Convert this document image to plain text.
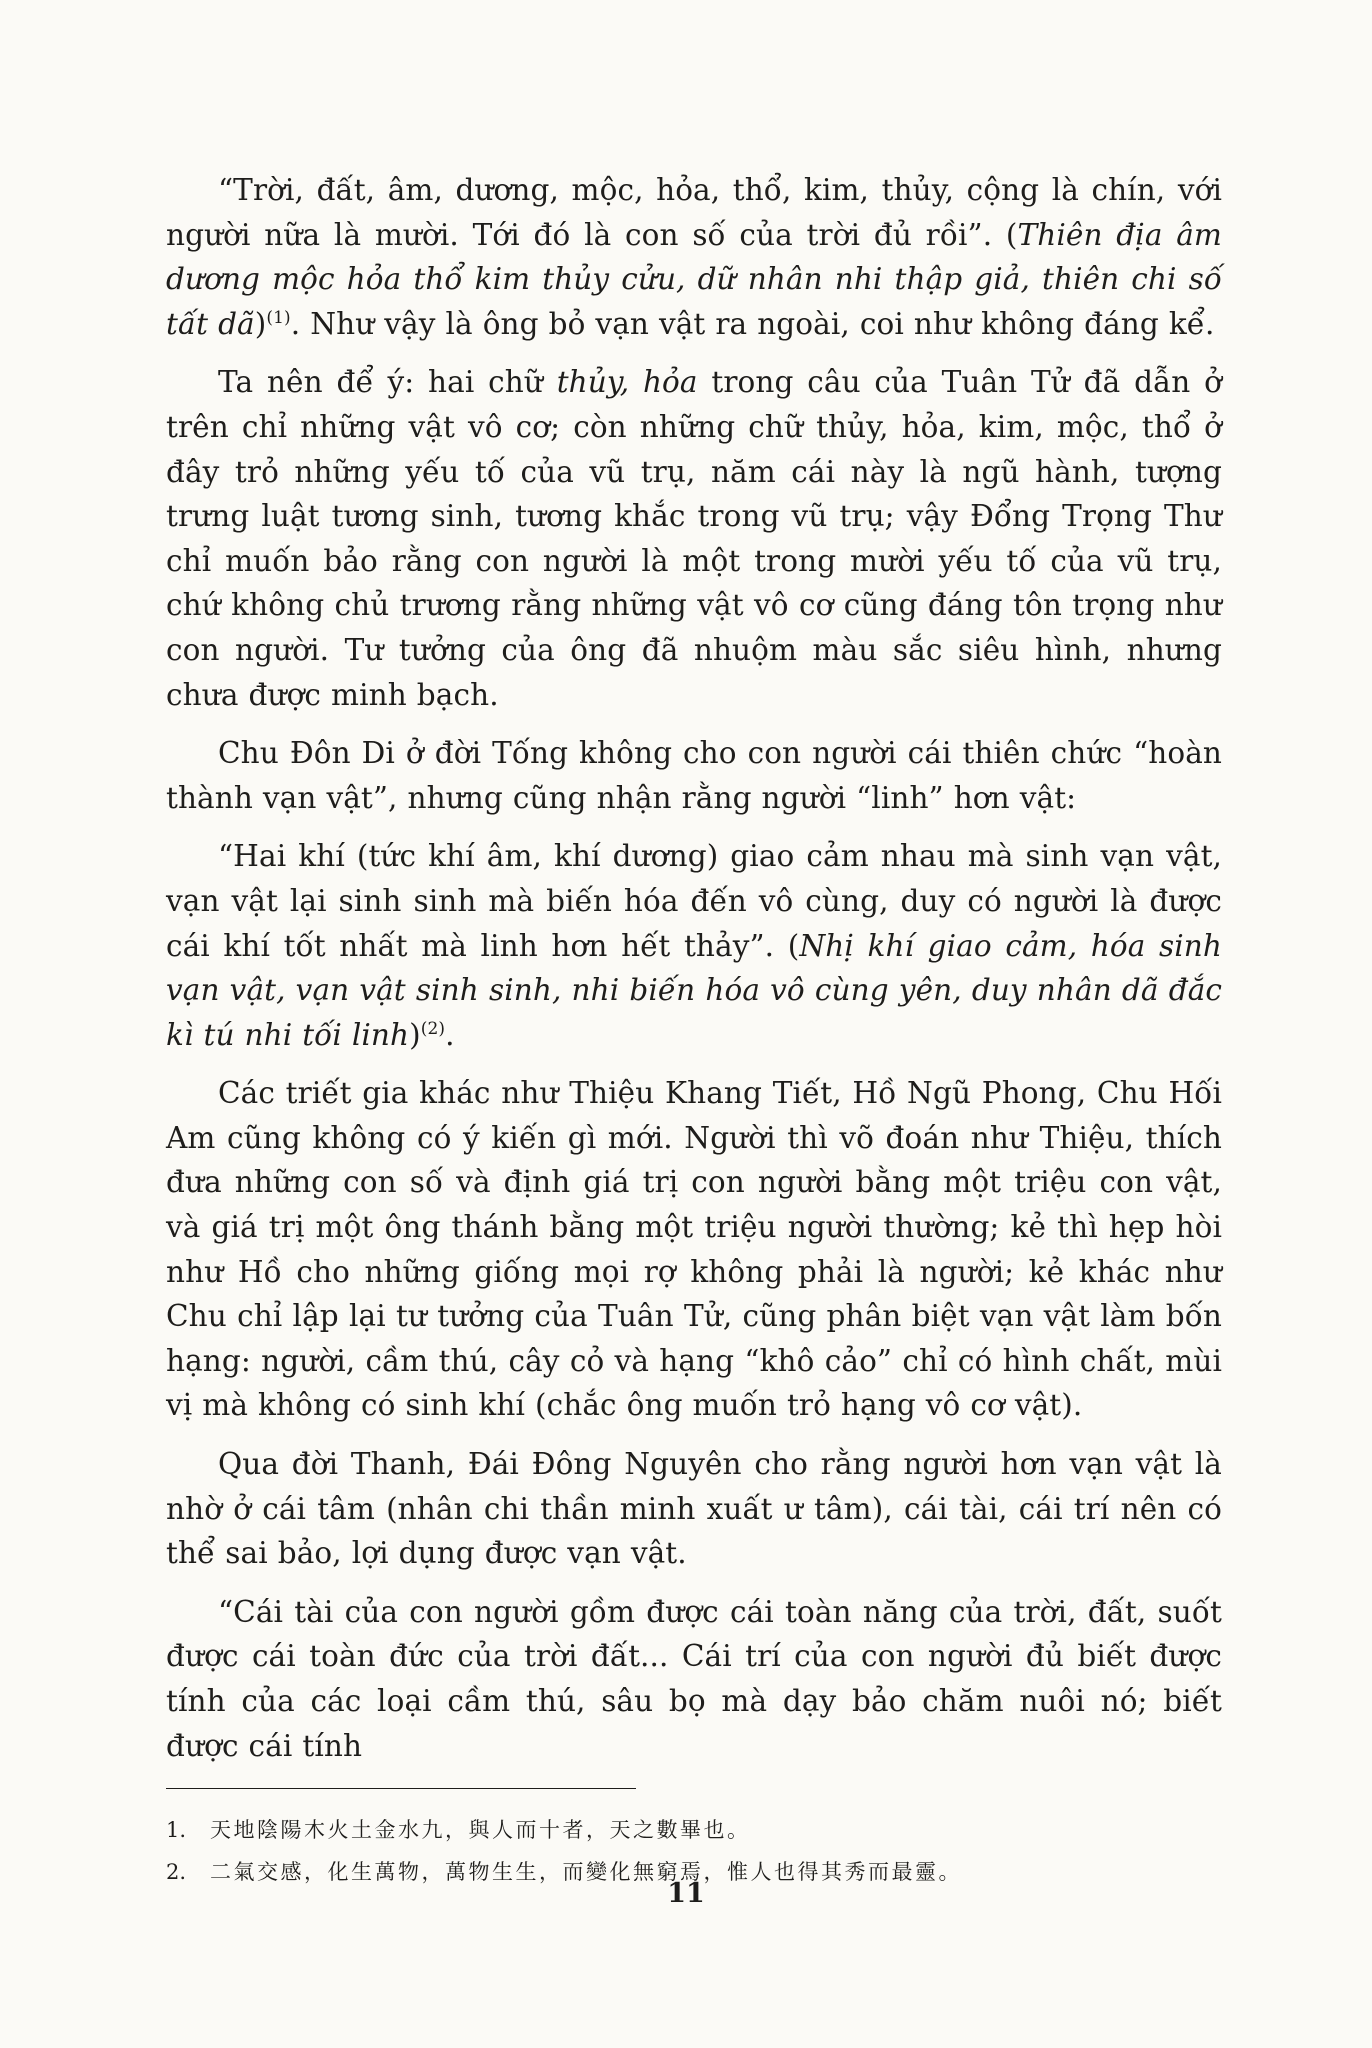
“Trời, đất, âm, dương, mộc, hỏa, thổ, kim, thủy, cộng là chín, với người nữa là mười. Tới đó là con số của trời đủ rồi”. (Thiên địa âm dương mộc hỏa thổ kim thủy cửu, dữ nhân nhi thập giả, thiên chi số tất dã)$^{(1)}$. Như vậy là ông bỏ vạn vật ra ngoài, coi như không đáng kể.

Ta nên để ý: hai chữ thủy, hỏa trong câu của Tuân Tử đã dẫn ở trên chỉ những vật vô cơ; còn những chữ thủy, hỏa, kim, mộc, thổ ở đây trỏ những yếu tố của vũ trụ, năm cái này là ngũ hành, tượng trưng luật tương sinh, tương khắc trong vũ trụ; vậy Đổng Trọng Thư chỉ muốn bảo rằng con người là một trong mười yếu tố của vũ trụ, chứ không chủ trương rằng những vật vô cơ cũng đáng tôn trọng như con người. Tư tưởng của ông đã nhuộm màu sắc siêu hình, nhưng chưa được minh bạch.

Chu Đôn Di ở đời Tống không cho con người cái thiên chức “hoàn thành vạn vật”, nhưng cũng nhận rằng người “linh” hơn vật:

“Hai khí (tức khí âm, khí dương) giao cảm nhau mà sinh vạn vật, vạn vật lại sinh sinh mà biến hóa đến vô cùng, duy có người là được cái khí tốt nhất mà linh hơn hết thảy”. (Nhị khí giao cảm, hóa sinh vạn vật, vạn vật sinh sinh, nhi biến hóa vô cùng yên, duy nhân dã đắc kì tú nhi tối linh)$^{(2)}$.

Các triết gia khác như Thiệu Khang Tiết, Hồ Ngũ Phong, Chu Hối Am cũng không có ý kiến gì mới. Người thì võ đoán như Thiệu, thích đưa những con số và định giá trị con người bằng một triệu con vật, và giá trị một ông thánh bằng một triệu người thường; kẻ thì hẹp hòi như Hồ cho những giống mọi rợ không phải là người; kẻ khác như Chu chỉ lập lại tư tưởng của Tuân Tử, cũng phân biệt vạn vật làm bốn hạng: người, cầm thú, cây cỏ và hạng “khô cảo” chỉ có hình chất, mùi vị mà không có sinh khí (chắc ông muốn trỏ hạng vô cơ vật).

Qua đời Thanh, Đái Đông Nguyên cho rằng người hơn vạn vật là nhờ ở cái tâm (nhân chi thần minh xuất ư tâm), cái tài, cái trí nên có thể sai bảo, lợi dụng được vạn vật.

“Cái tài của con người gồm được cái toàn năng của trời, đất, suốt được cái toàn đức của trời đất... Cái trí của con người đủ biết được tính của các loại cầm thú, sâu bọ mà dạy bảo chăm nuôi nó; biết được cái tính

1.	天地陰陽木火土金水九，與人而十者，天之數畢也。
2.	二氣交感，化生萬物，萬物生生，而變化無窮焉，惟人也得其秀而最靈。
11
